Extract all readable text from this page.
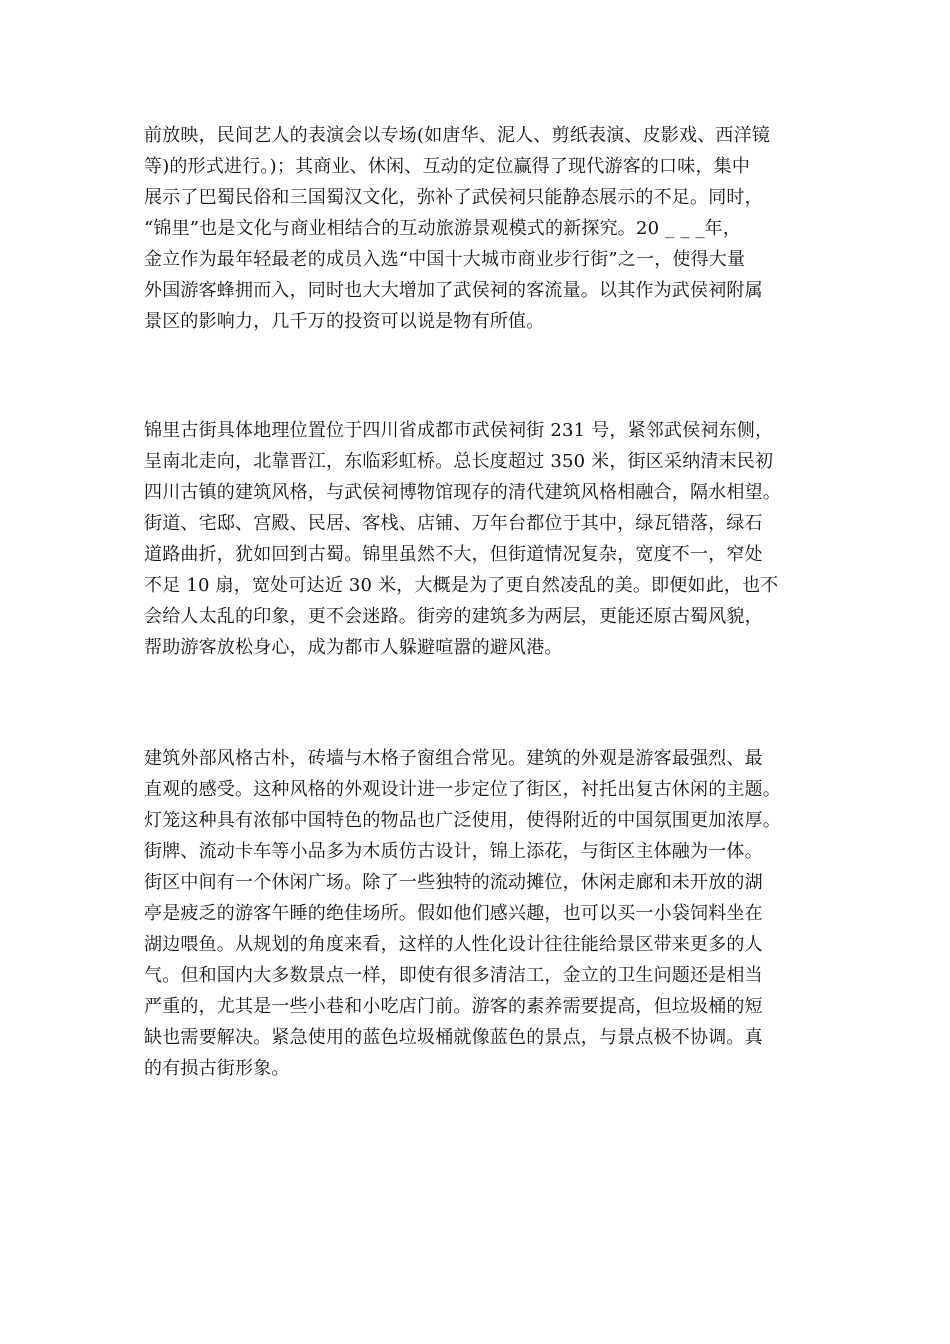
前放映，民间艺人的表演会以专场(如唐华、泥人、剪纸表演、皮影戏、西洋镜
等)的形式进行。)；其商业、休闲、互动的定位赢得了现代游客的口味，集中
展示了巴蜀民俗和三国蜀汉文化，弥补了武侯祠只能静态展示的不足。同时，
“锦里”也是文化与商业相结合的互动旅游景观模式的新探究。20 _ _ _年，
金立作为最年轻最老的成员入选“中国十大城市商业步行街”之一，使得大量
外国游客蜂拥而入，同时也大大增加了武侯祠的客流量。以其作为武侯祠附属
景区的影响力，几千万的投资可以说是物有所值。
锦里古街具体地理位置位于四川省成都市武侯祠街 231 号，紧邻武侯祠东侧，
呈南北走向，北靠晋江，东临彩虹桥。总长度超过 350 米，街区采纳清末民初
四川古镇的建筑风格，与武侯祠博物馆现存的清代建筑风格相融合，隔水相望。
街道、宅邸、宫殿、民居、客栈、店铺、万年台都位于其中，绿瓦错落，绿石
道路曲折，犹如回到古蜀。锦里虽然不大，但街道情况复杂，宽度不一，窄处
不足 10 扇，宽处可达近 30 米，大概是为了更自然凌乱的美。即便如此，也不
会给人太乱的印象，更不会迷路。街旁的建筑多为两层，更能还原古蜀风貌，
帮助游客放松身心，成为都市人躲避喧嚣的避风港。
建筑外部风格古朴，砖墙与木格子窗组合常见。建筑的外观是游客最强烈、最
直观的感受。这种风格的外观设计进一步定位了街区，衬托出复古休闲的主题。
灯笼这种具有浓郁中国特色的物品也广泛使用，使得附近的中国氛围更加浓厚。
街牌、流动卡车等小品多为木质仿古设计，锦上添花，与街区主体融为一体。
街区中间有一个休闲广场。除了一些独特的流动摊位，休闲走廊和未开放的湖
亭是疲乏的游客午睡的绝佳场所。假如他们感兴趣，也可以买一小袋饲料坐在
湖边喂鱼。从规划的角度来看，这样的人性化设计往往能给景区带来更多的人
气。但和国内大多数景点一样，即使有很多清洁工，金立的卫生问题还是相当
严重的，尤其是一些小巷和小吃店门前。游客的素养需要提高，但垃圾桶的短
缺也需要解决。紧急使用的蓝色垃圾桶就像蓝色的景点，与景点极不协调。真
的有损古街形象。
